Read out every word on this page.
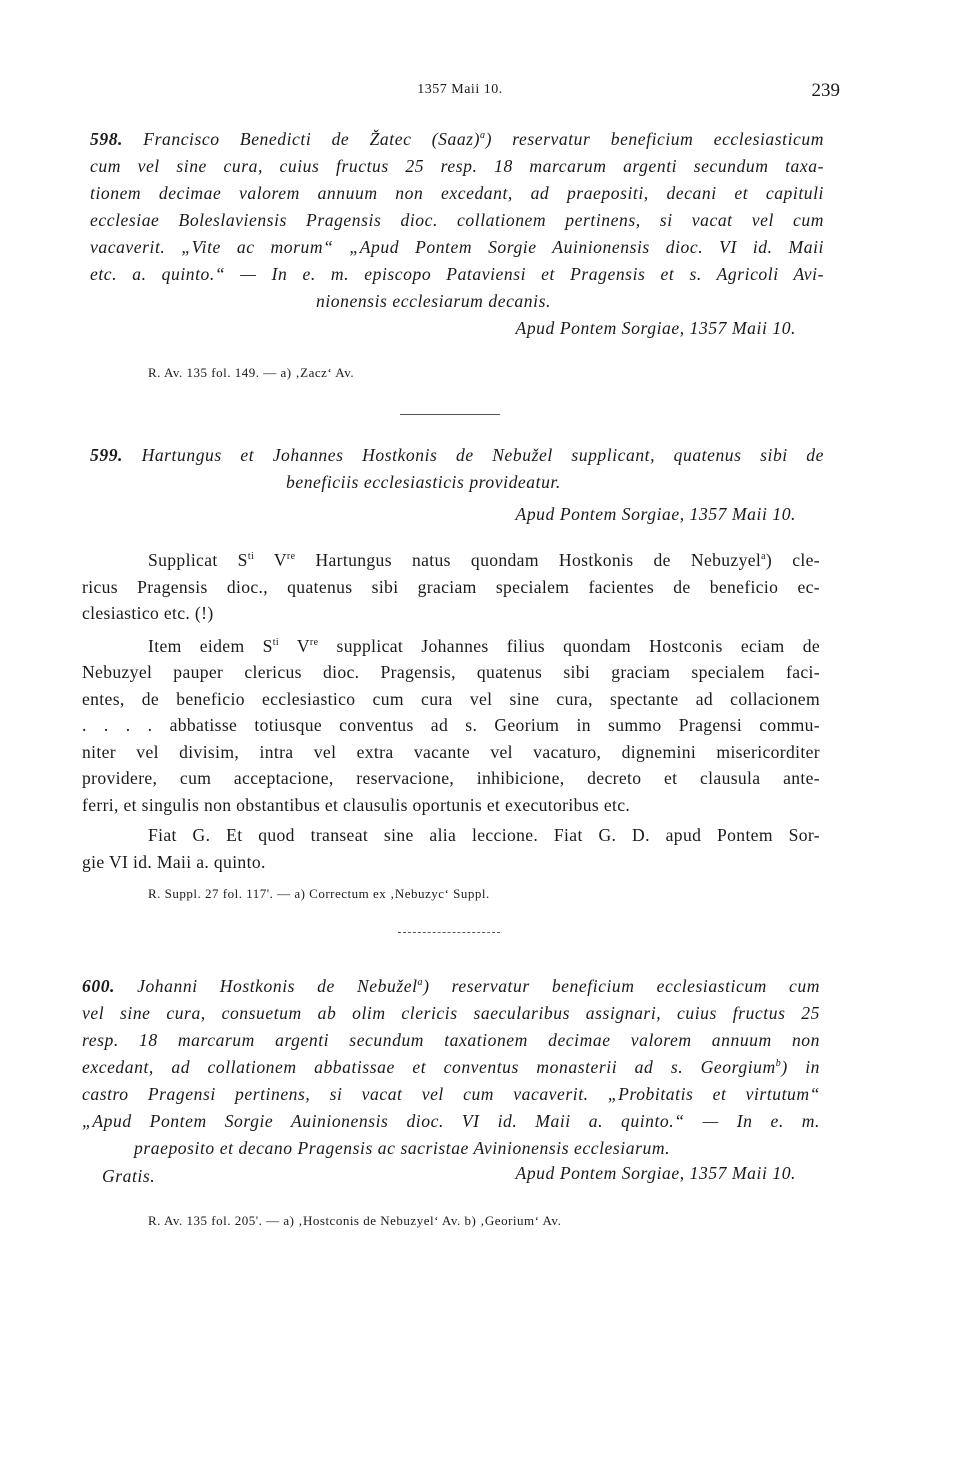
1357 Maii 10.	239

598. Francisco Benedicti de Žatec (Saaz)$^a$) reservatur beneficium ecclesiasticum

cum vel sine cura, cuius fructus 25 resp. 18 marcarum argenti secundum taxa-

tionem decimae valorem annuum non excedant, ad praepositi, decani et capituli

ecclesiae Boleslaviensis Pragensis dioc. collationem pertinens, si vacat vel cum

vacaverit. „Vite ac morum“ „Apud Pontem Sorgie Auinionensis dioc. VI id. Maii

etc. a. quinto.“ — In e. m. episcopo Pataviensi et Pragensis et s. Agricoli Avi-

nionensis ecclesiarum decanis.

Apud Pontem Sorgiae, 1357 Maii 10.
R. Av. 135 fol. 149. — a) ‚Zacz‘ Av.

599. Hartungus et Johannes Hostkonis de Nebužel supplicant, quatenus sibi de

beneficiis ecclesiasticis provideatur.

Apud Pontem Sorgiae, 1357 Maii 10.

Supplicat $S^{ti}$ Vre Hartungus natus quondam Hostkonis de Nebuzyel$^a$) cle-

ricus Pragensis dioc., quatenus sibi graciam specialem facientes de beneficio ec-

clesiastico etc. (!)

Item eidem $S^{ti}$ Vre supplicat Johannes filius quondam Hostconis eciam de

Nebuzyel pauper clericus dioc. Pragensis, quatenus sibi graciam specialem faci-

entes, de beneficio ecclesiastico cum cura vel sine cura, spectante ad collacionem

. . . . abbatisse totiusque conventus ad s. Georium in summo Pragensi commu-

niter vel divisim, intra vel extra vacante vel vacaturo, dignemini misericorditer

providere, cum acceptacione, reservacione, inhibicione, decreto et clausula ante-

ferri, et singulis non obstantibus et clausulis oportunis et executoribus etc.

Fiat G. Et quod transeat sine alia leccione. Fiat G. D. apud Pontem Sor-

gie VI id. Maii a. quinto.

R. Suppl. 27 fol. 117'. — a) Correctum ex ‚Nebuzyc‘ Suppl.

600. Johanni Hostkonis de Nebužel$^a$) reservatur beneficium ecclesiasticum cum

vel sine cura, consuetum ab olim clericis saecularibus assignari, cuius fructus 25

resp. 18 marcarum argenti secundum taxationem decimae valorem annuum non

excedant, ad collationem abbatissae et conventus monasterii ad s. Georgium$^b$) in

castro Pragensi pertinens, si vacat vel cum vacaverit. „Probitatis et virtutum“

„Apud Pontem Sorgie Auinionensis dioc. VI id. Maii a. quinto.“ — In e. m.

praeposito et decano Pragensis ac sacristae Avinionensis ecclesiarum.

Gratis.	Apud Pontem Sorgiae, 1357 Maii 10.
R. Av. 135 fol. 205'. — a) ‚Hostconis de Nebuzyel‘ Av. b) ‚Georium‘ Av.
